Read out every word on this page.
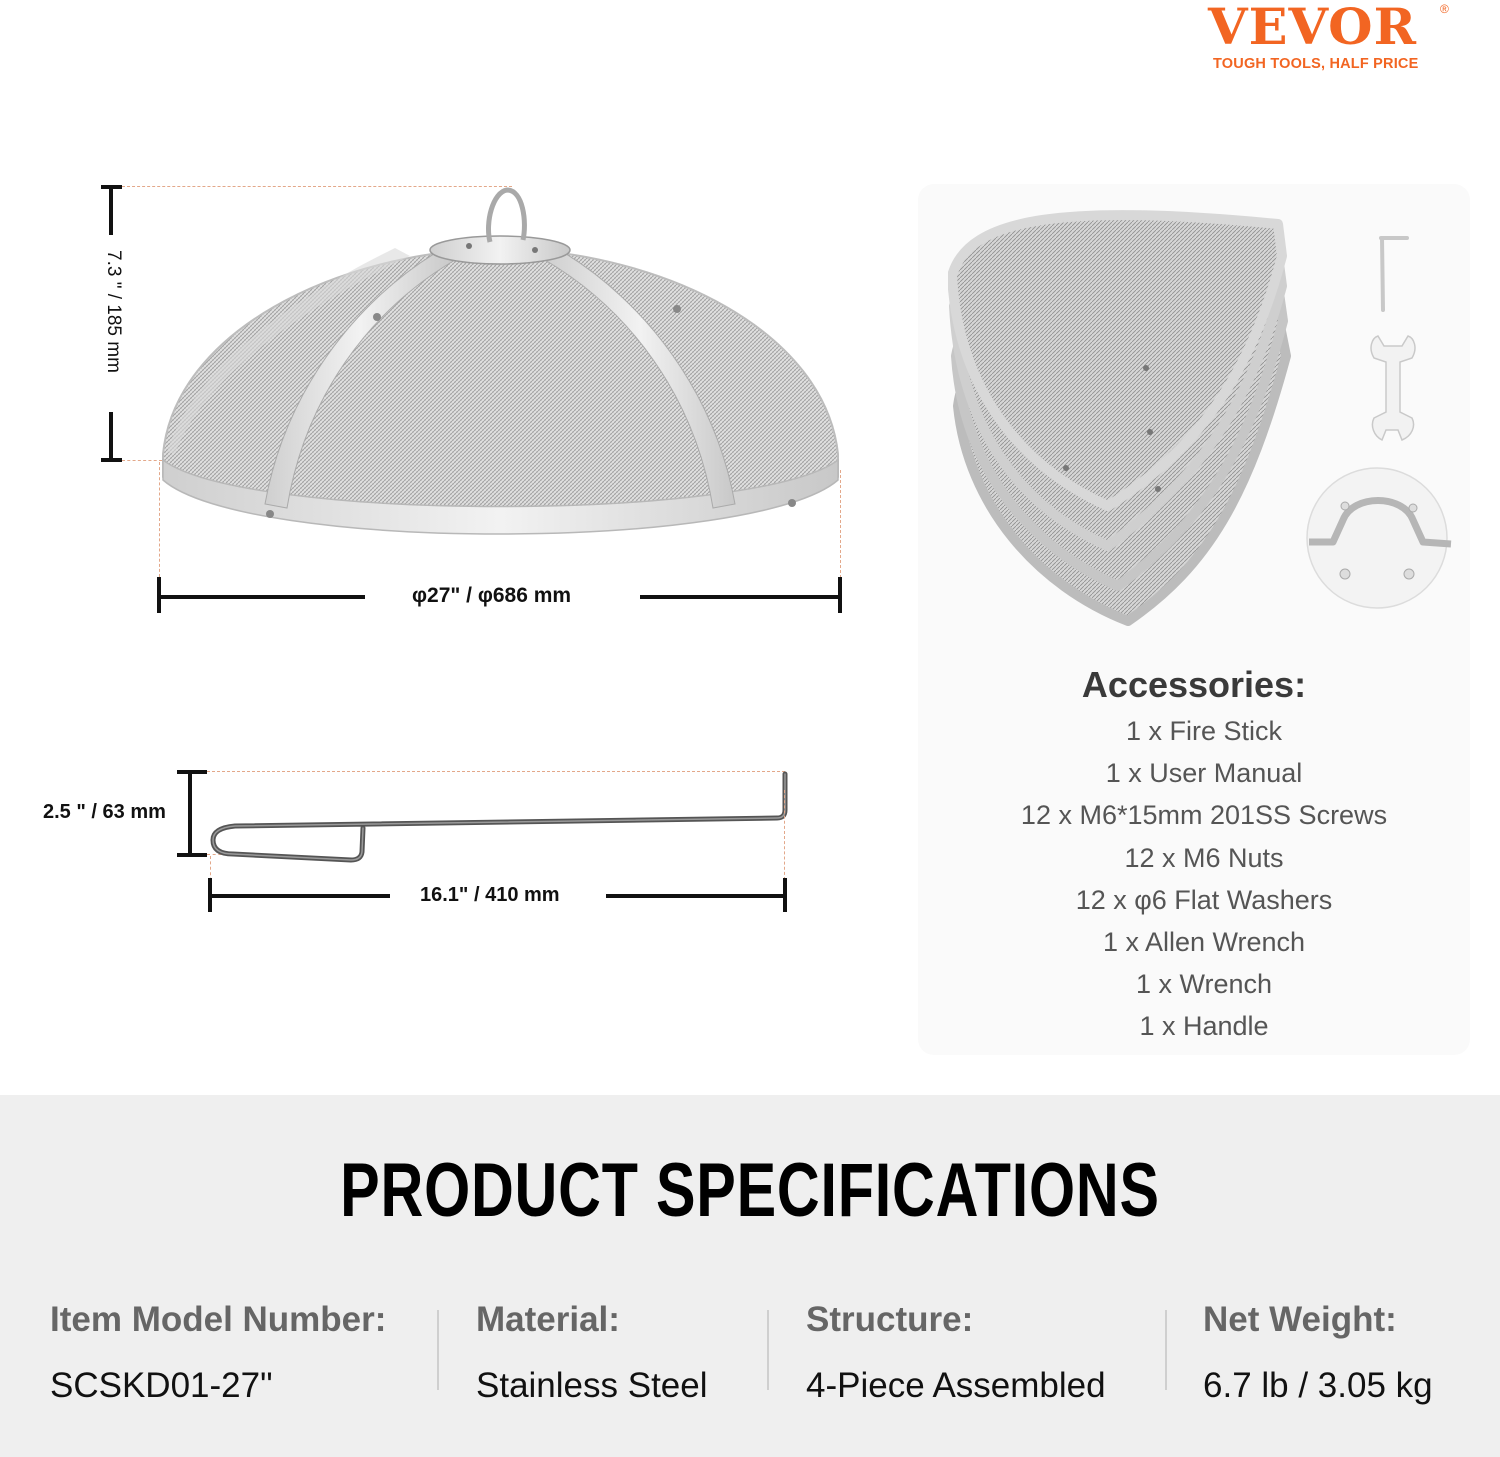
VEVOR ®
TOUGH TOOLS, HALF PRICE
7.3 " / 185 mm
φ27" / φ686 mm
2.5 " / 63 mm
16.1" / 410 mm
Accessories:
1 x Fire Stick
1 x User Manual
12 x M6*15mm 201SS Screws
12 x M6 Nuts
12 x φ6 Flat Washers
1 x Allen Wrench
1 x Wrench
1 x Handle
PRODUCT SPECIFICATIONS
Item Model Number:
SCSKD01-27"
Material:
Stainless Steel
Structure:
4-Piece Assembled
Net Weight:
6.7 lb / 3.05 kg
